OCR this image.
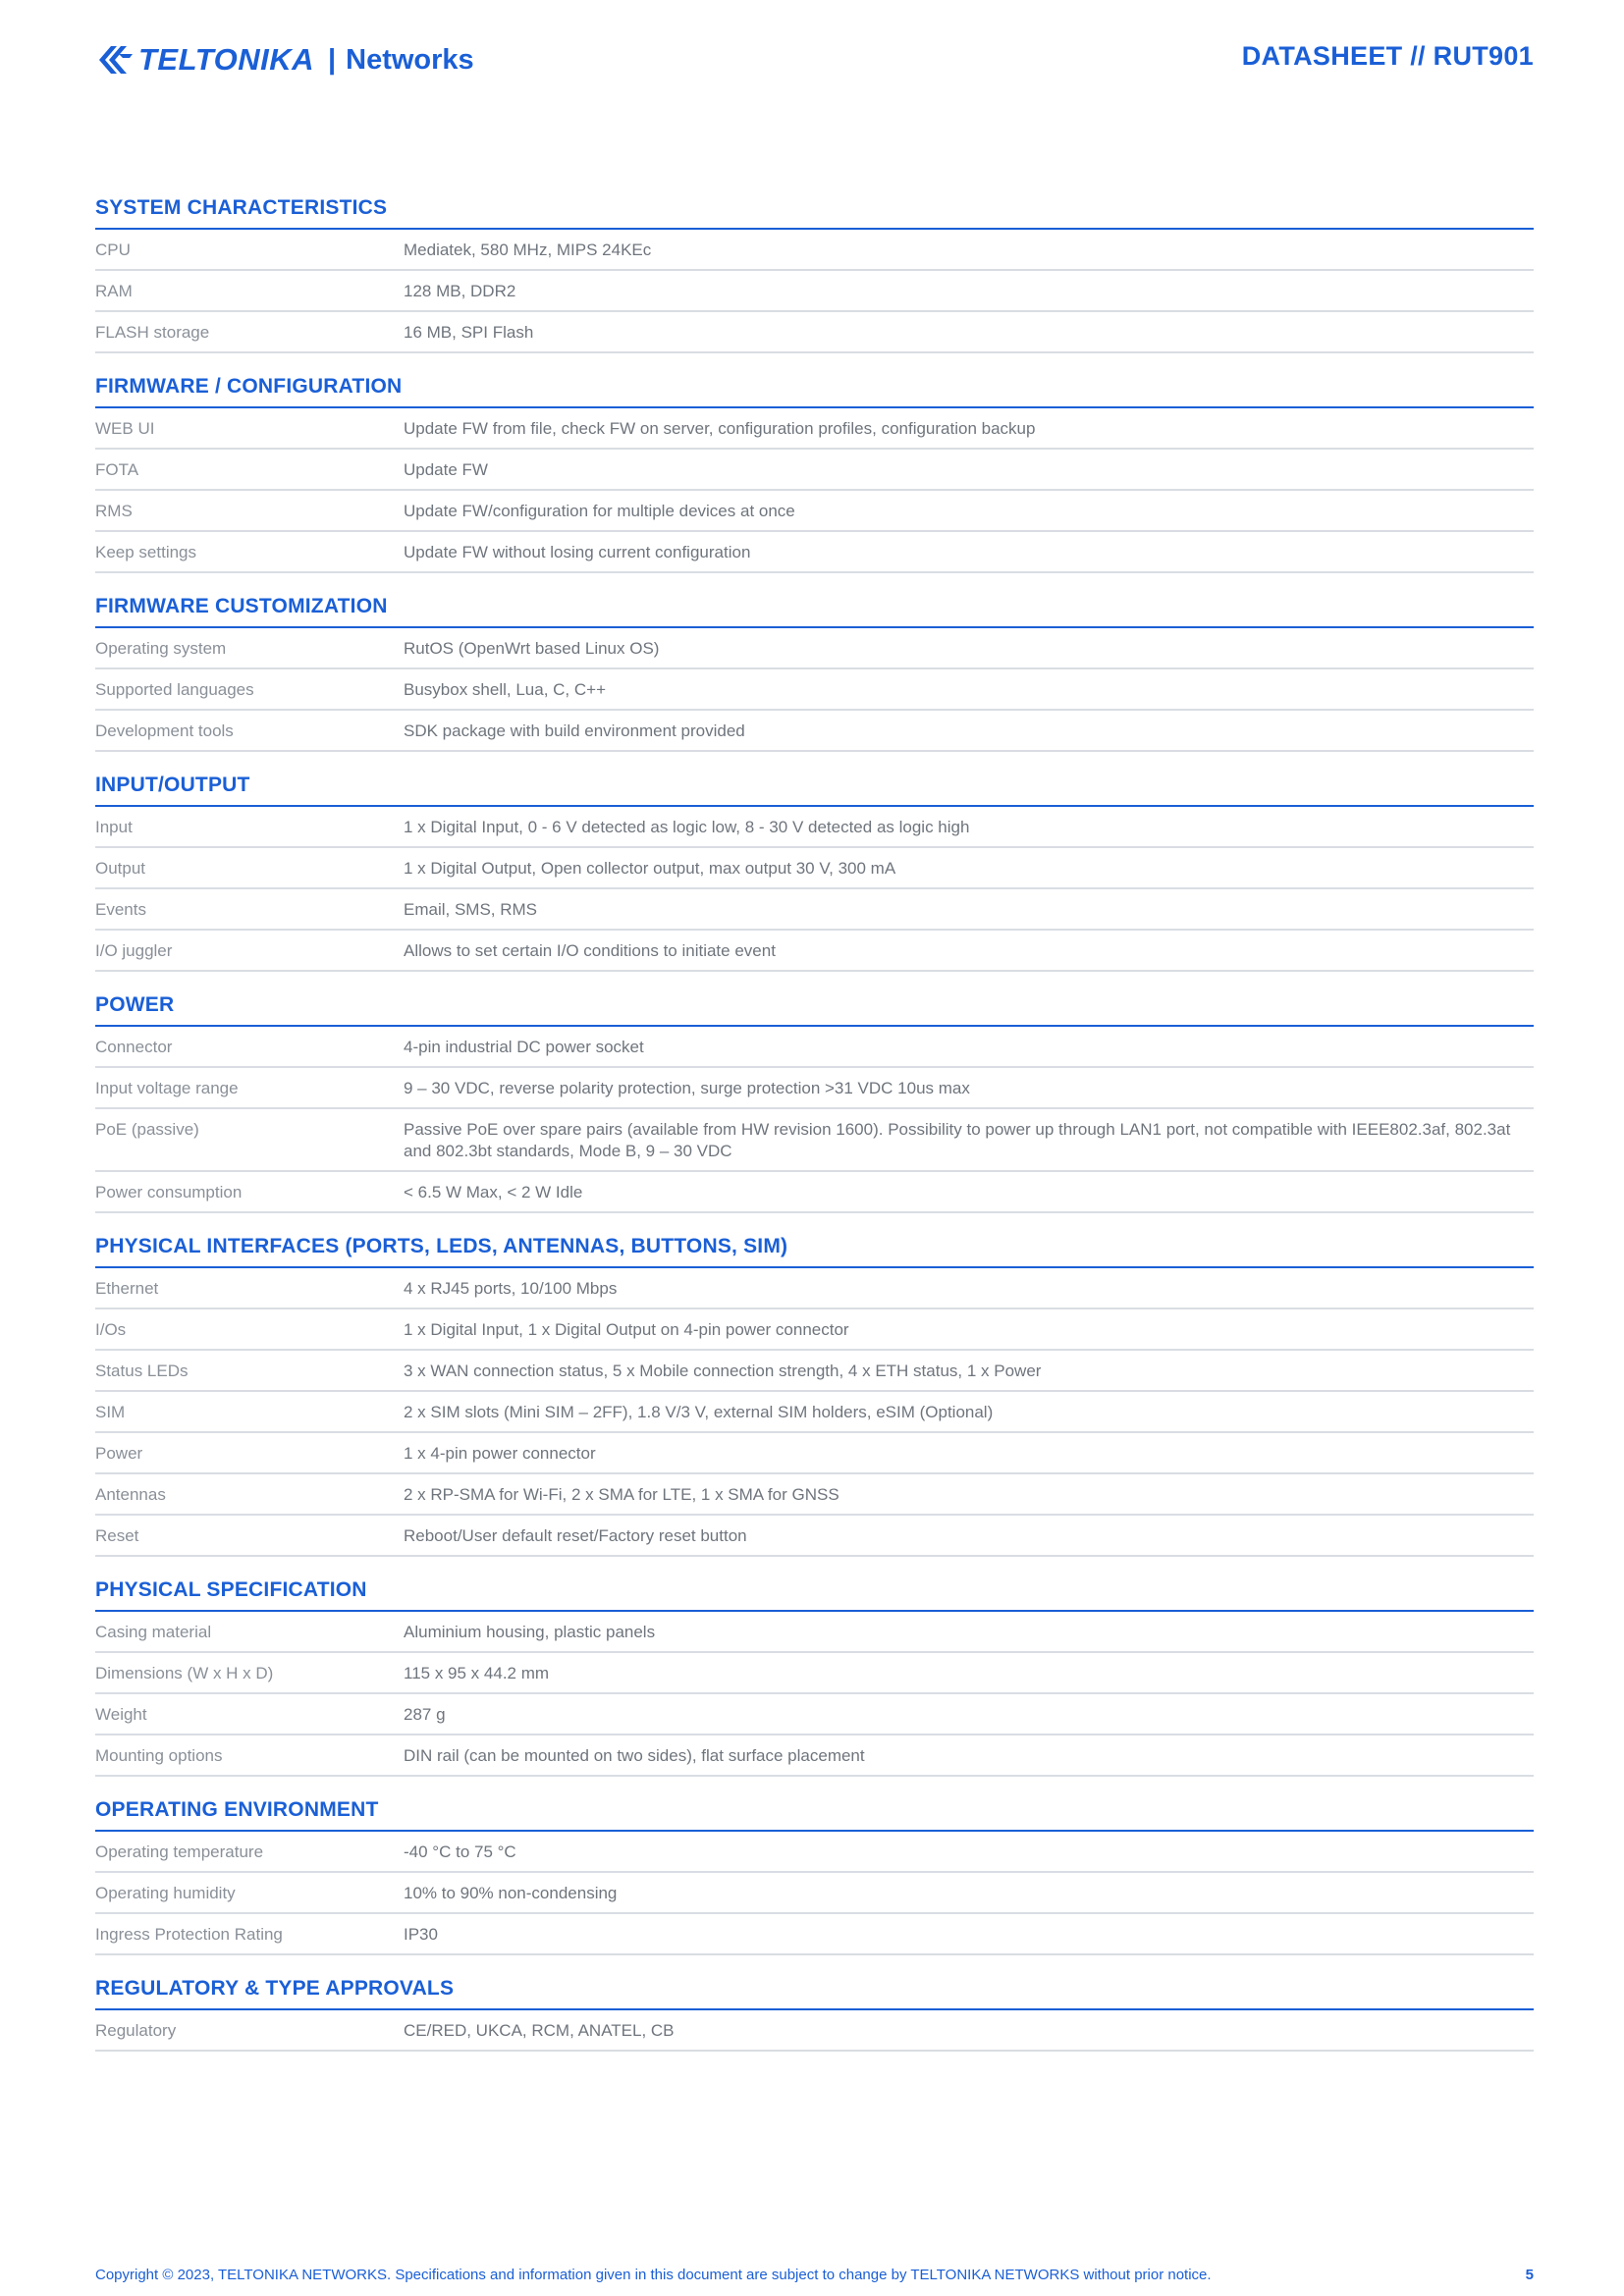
TELTONIKA | Networks	DATASHEET // RUT901
SYSTEM CHARACTERISTICS
CPU	Mediatek, 580 MHz, MIPS 24KEc
RAM	128 MB, DDR2
FLASH storage	16 MB, SPI Flash
FIRMWARE / CONFIGURATION
WEB UI	Update FW from file, check FW on server, configuration profiles, configuration backup
FOTA	Update FW
RMS	Update FW/configuration for multiple devices at once
Keep settings	Update FW without losing current configuration
FIRMWARE CUSTOMIZATION
Operating system	RutOS (OpenWrt based Linux OS)
Supported languages	Busybox shell, Lua, C, C++
Development tools	SDK package with build environment provided
INPUT/OUTPUT
Input	1 x Digital Input, 0 - 6 V detected as logic low, 8 - 30 V detected as logic high
Output	1 x Digital Output, Open collector output, max output 30 V, 300 mA
Events	Email, SMS, RMS
I/O juggler	Allows to set certain I/O conditions to initiate event
POWER
Connector	4-pin industrial DC power socket
Input voltage range	9 – 30 VDC, reverse polarity protection, surge protection >31 VDC 10us max
PoE (passive)	Passive PoE over spare pairs (available from HW revision 1600). Possibility to power up through LAN1 port, not compatible with IEEE802.3af, 802.3at and 802.3bt standards, Mode B, 9 – 30 VDC
Power consumption	< 6.5 W Max, < 2 W Idle
PHYSICAL INTERFACES (PORTS, LEDS, ANTENNAS, BUTTONS, SIM)
Ethernet	4 x RJ45 ports, 10/100 Mbps
I/Os	1 x Digital Input, 1 x Digital Output on 4-pin power connector
Status LEDs	3 x WAN connection status, 5 x Mobile connection strength, 4 x ETH status, 1 x Power
SIM	2 x SIM slots (Mini SIM – 2FF), 1.8 V/3 V, external SIM holders, eSIM (Optional)
Power	1 x 4-pin power connector
Antennas	2 x RP-SMA for Wi-Fi, 2 x SMA for LTE, 1 x SMA for GNSS
Reset	Reboot/User default reset/Factory reset button
PHYSICAL SPECIFICATION
Casing material	Aluminium housing, plastic panels
Dimensions (W x H x D)	115 x 95 x 44.2 mm
Weight	287 g
Mounting options	DIN rail (can be mounted on two sides), flat surface placement
OPERATING ENVIRONMENT
Operating temperature	-40 °C to 75 °C
Operating humidity	10% to 90% non-condensing
Ingress Protection Rating	IP30
REGULATORY & TYPE APPROVALS
Regulatory	CE/RED, UKCA, RCM, ANATEL, CB
Copyright © 2023, TELTONIKA NETWORKS. Specifications and information given in this document are subject to change by TELTONIKA NETWORKS without prior notice.	5
